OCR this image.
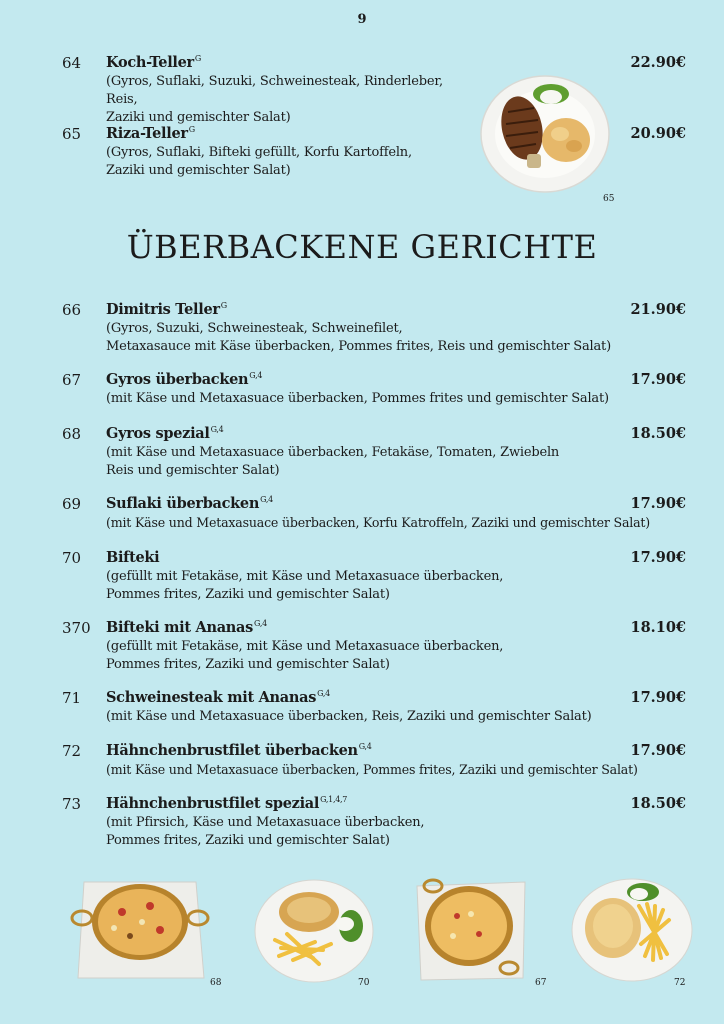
9
64 Koch-Teller$^G$	22.90€
(Gyros, Suflaki, Suzuki, Schweinesteak, Rinderleber, Reis,
Zaziki und gemischter Salat)
65 Riza-Teller$^G$	20.90€
(Gyros, Suflaki, Bifteki gefüllt, Korfu Kartoffeln,
Zaziki und gemischter Salat)
ÜBERBACKENE GERICHTE
66 Dimitris Teller$^G$	21.90€
(Gyros, Suzuki, Schweinesteak, Schweinefilet,
Metaxasauce mit Käse überbacken, Pommes frites, Reis und gemischter Salat)
67 Gyros überbacken$^{G,4}$	17.90€
(mit Käse und Metaxasuace überbacken, Pommes frites und gemischter Salat)
68 Gyros spezial$^{G,4}$	18.50€
(mit Käse und Metaxasuace überbacken, Fetakäse, Tomaten, Zwiebeln
Reis und gemischter Salat)
69 Suflaki überbacken$^{G,4}$	17.90€
(mit Käse und Metaxasuace überbacken, Korfu Katroffeln, Zaziki und gemischter Salat)
70 Bifteki	17.90€
(gefüllt mit Fetakäse, mit Käse und Metaxasuace überbacken,
Pommes frites, Zaziki und gemischter Salat)
370 Bifteki mit Ananas$^{G,4}$	18.10€
(gefüllt mit Fetakäse, mit Käse und Metaxasuace überbacken,
Pommes frites, Zaziki und gemischter Salat)
71 Schweinesteak mit Ananas$^{G,4}$	17.90€
(mit Käse und Metaxasuace überbacken, Reis, Zaziki und gemischter Salat)
72 Hähnchenbrustfilet überbacken$^{G,4}$	17.90€
(mit Käse und Metaxasuace überbacken, Pommes frites, Zaziki und gemischter Salat)
73 Hähnchenbrustfilet spezial$^{G,1,4,7}$	18.50€
(mit Pfirsich, Käse und Metaxasuace überbacken,
Pommes frites, Zaziki und gemischter Salat)
65
68	70	67	72
